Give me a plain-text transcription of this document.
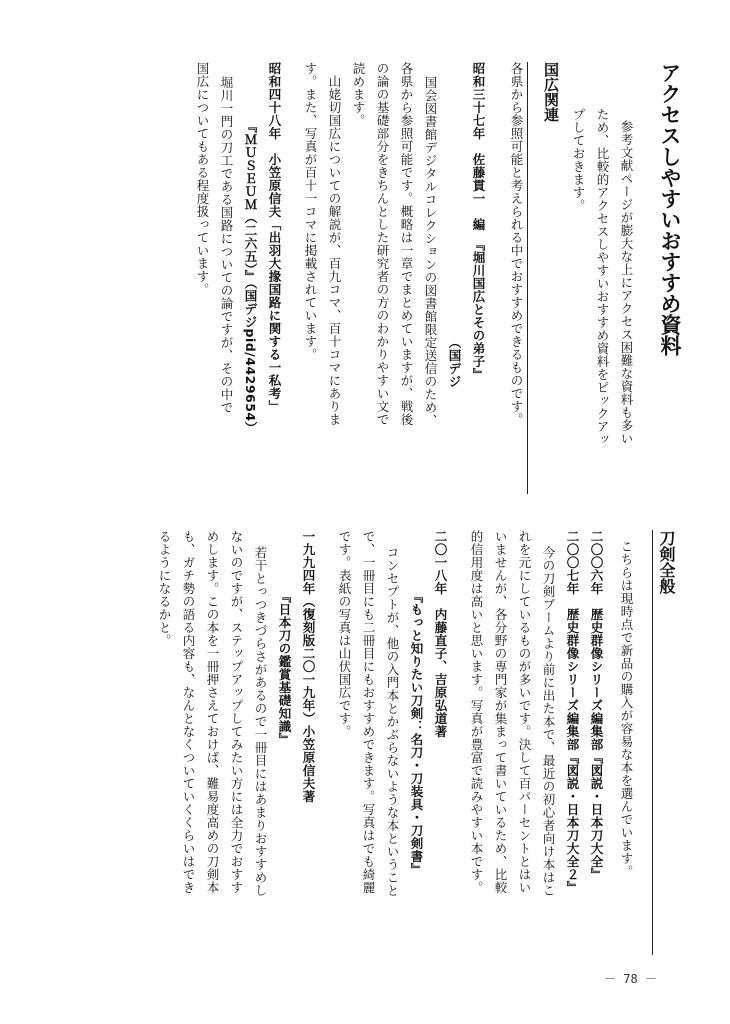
アクセスしやすいおすすめ資料
参考文献ページが膨大な上にアクセス困難な資料も多い
ため、比較的アクセスしやすいおすすめ資料をピックアッ
プしておきます。
国広関連
各県から参照可能と考えられる中でおすすめできるものです。
昭和三十七年　佐藤貫一　編　『堀川国広とその弟子』
（国デジ
国会図書館デジタルコレクションの図書館限定送信のため、
各県から参照可能です。概略は一章でまとめていますが、戦後
の論の基礎部分をきちんとした研究者の方のわかりやすい文で
読めます。
　山姥切国広についての解説が、百九コマ、百十コマにありま
す。また、写真が百十一コマに掲載されています。
昭和四十八年　小笠原信夫「出羽大掾国路に関する一私考」
『ＭＵＳＥＵＭ（二六五）』（国デジpid/4429654）
堀川一門の刀工である国路についての論ですが、その中で
国広についてもある程度扱っています。
刀剣全般
こちらは現時点で新品の購入が容易な本を選んでいます。
二〇〇六年　歴史群像シリーズ編集部『図説・日本刀大全』
二〇〇七年　歴史群像シリーズ編集部『図説・日本刀大全２』
今の刀剣ブームより前に出た本で、最近の初心者向け本はこ
れを元にしているものが多いです。決して百パーセントとはい
いませんが、各分野の専門家が集まって書いているため、比較
的信用度は高いと思います。写真が豊富で読みやすい本です。
二〇一八年　内藤直子、吉原弘道著
『もっと知りたい刀剣：名刀・刀装具・刀剣書』
コンセプトが、他の入門本とかぶらないような本ということ
で、一冊目にも二冊目にもおすすめできます。写真はでも綺麗
です。表紙の写真は山伏国広です。
一九九四年（復刻版二〇一九年）小笠原信夫著
『日本刀の鑑賞基礎知識』
若干とっつきづらさがあるので一冊目にはあまりおすすめし
ないのですが、ステップアップしてみたい方には全力でおすす
めします。この本を一冊押さえておけば、難易度高めの刀剣本
も、ガチ勢の語る内容も、なんとなくついていくくらいはでき
るようになるかと。
－ 78 －
